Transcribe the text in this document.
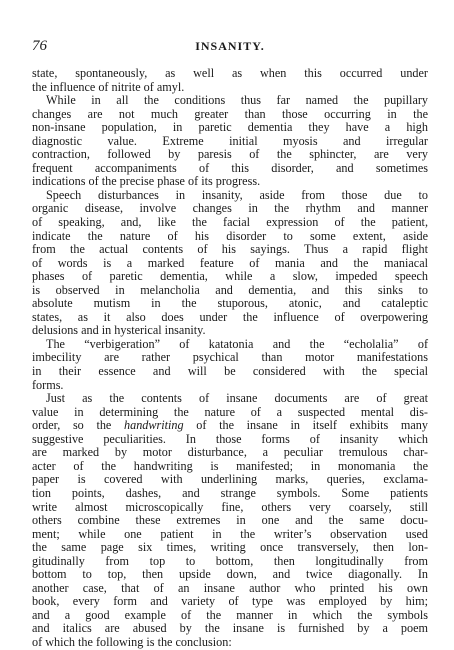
76	INSANITY.
state, spontaneously, as well as when this occurred under
the influence of nitrite of amyl.
While in all the conditions thus far named the pupillary
changes are not much greater than those occurring in the
non-insane population, in paretic dementia they have a high
diagnostic value. Extreme initial myosis and irregular
contraction, followed by paresis of the sphincter, are very
frequent accompaniments of this disorder, and sometimes
indications of the precise phase of its progress.
Speech disturbances in insanity, aside from those due to
organic disease, involve changes in the rhythm and manner
of speaking, and, like the facial expression of the patient,
indicate the nature of his disorder to some extent, aside
from the actual contents of his sayings. Thus a rapid flight
of words is a marked feature of mania and the maniacal
phases of paretic dementia, while a slow, impeded speech
is observed in melancholia and dementia, and this sinks to
absolute mutism in the stuporous, atonic, and cataleptic
states, as it also does under the influence of overpowering
delusions and in hysterical insanity.
The “verbigeration” of katatonia and the “echolalia” of
imbecility are rather psychical than motor manifestations
in their essence and will be considered with the special
forms.
Just as the contents of insane documents are of great
value in determining the nature of a suspected mental dis-
order, so the handwriting of the insane in itself exhibits many
suggestive peculiarities. In those forms of insanity which
are marked by motor disturbance, a peculiar tremulous char-
acter of the handwriting is manifested; in monomania the
paper is covered with underlining marks, queries, exclama-
tion points, dashes, and strange symbols. Some patients
write almost microscopically fine, others very coarsely, still
others combine these extremes in one and the same docu-
ment; while one patient in the writer’s observation used
the same page six times, writing once transversely, then lon-
gitudinally from top to bottom, then longitudinally from
bottom to top, then upside down, and twice diagonally. In
another case, that of an insane author who printed his own
book, every form and variety of type was employed by him;
and a good example of the manner in which the symbols
and italics are abused by the insane is furnished by a poem
of which the following is the conclusion:
